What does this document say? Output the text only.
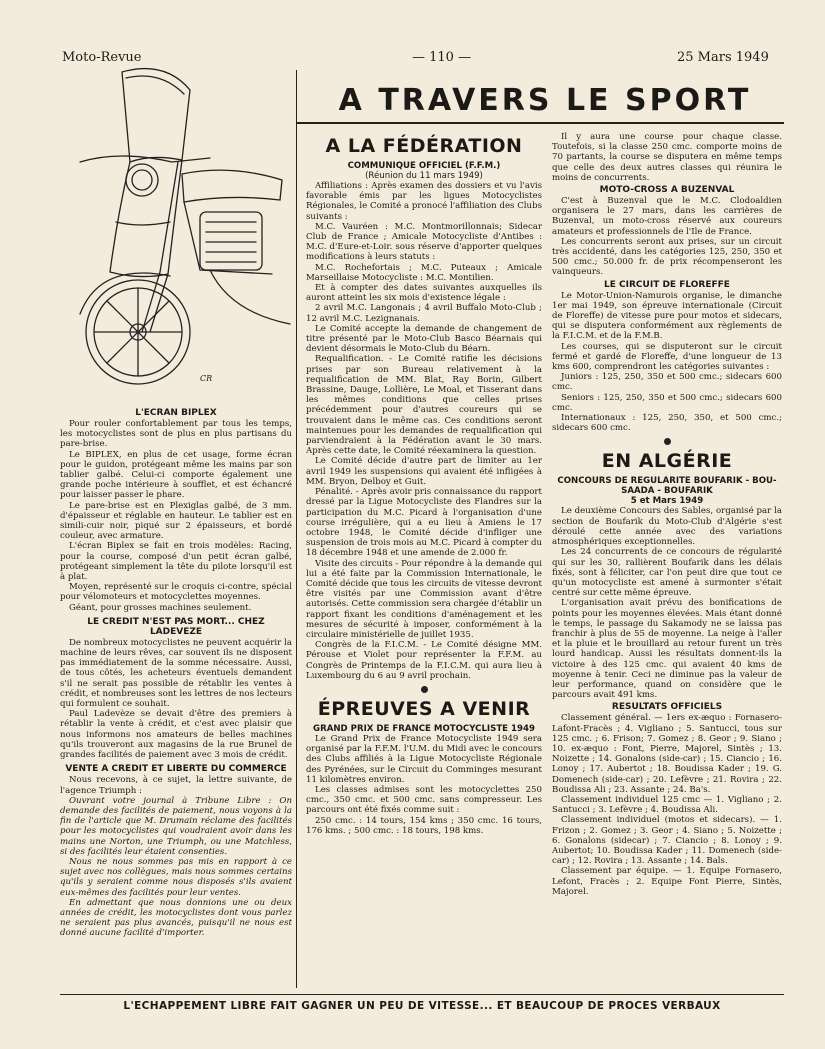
Moto-Revue	— 110 —	25 Mars 1949
A TRAVERS LE SPORT
CR
L'ECRAN BIPLEX

Pour rouler confortablement par tous les temps, les motocyclistes sont de plus en plus partisans du pare-brise.

Le BIPLEX, en plus de cet usage, forme écran pour le guidon, protégeant même les mains par son tablier galbé. Celui-ci comporte également une grande poche intérieure à soufflet, et est échancré pour laisser passer le phare.

Le pare-brise est en Plexiglas galbé, de 3 mm. d'épaisseur et réglable en hauteur. Le tablier est en simili-cuir noir, piqué sur 2 épaisseurs, et bordé couleur, avec armature.

L'écran Biplex se fait en trois modèles: Racing, pour la course, composé d'un petit écran galbé, protégeant simplement la tête du pilote lorsqu'il est à plat.

Moyen, représenté sur le croquis ci-contre, spécial pour vélomoteurs et motocyclettes moyennes.

Géant, pour grosses machines seulement.

LE CREDIT N'EST PAS MORT... CHEZ LADEVEZE

De nombreux motocyclistes ne peuvent acquérir la machine de leurs rêves, car souvent ils ne disposent pas immédiatement de la somme nécessaire. Aussi, de tous côtés, les acheteurs éventuels demandent s'il ne serait pas possible de rétablir les ventes à crédit, et nombreuses sont les lettres de nos lecteurs qui formulent ce souhait.

Paul Ladevèze se devait d'être des premiers à rétablir la vente à crédit, et c'est avec plaisir que nous informons nos amateurs de belles machines qu'ils trouveront aux magasins de la rue Brunel de grandes facilités de paiement avec 3 mois de crédit.

VENTE A CREDIT ET LIBERTE DU COMMERCE

Nous recevons, à ce sujet, la lettre suivante, de l'agence Triumph :

Ouvrant votre journal à Tribune Libre : On demande des facilités de paiement, nous voyons à la fin de l'article que M. Drumain réclame des facilités pour les motocyclistes qui voudraient avoir dans les mains une Norton, une Triumph, ou une Matchless, si des facilités leur étaient consenties.

Nous ne nous sommes pas mis en rapport à ce sujet avec nos collègues, mais nous sommes certains qu'ils y seraient comme nous disposés s'ils avaient eux-mêmes des facilités pour leur ventes.

En admettant que nous donnions une ou deux années de crédit, les motocyclistes dont vous parlez ne seraient pas plus avancés, puisqu'il ne nous est donné aucune facilité d'importer.

A LA FÉDÉRATION
COMMUNIQUE OFFICIEL (F.F.M.)
(Réunion du 11 mars 1949)

Affiliations : Après examen des dossiers et vu l'avis favorable émis par les ligues Motocyclistes Régionales, le Comité a pronocé l'affiliation des Clubs suivants :

M.C. Vauréen : M.C. Montmorillonnais; Sidecar Club de France ; Amicale Motocycliste d'Antibes : M.C. d'Eure-et-Loir. sous réserve d'apporter quelques modifications à leurs statuts :

M.C. Rochefortais ; M.C. Puteaux ; Amicale Marseillaise Motocycliste : M.C. Montilien.

Et à compter des dates suivantes auxquelles ils auront atteint les six mois d'existence légale :

2 avril M.C. Langonais ; 4 avril Buffalo Moto-Club ; 12 avril M.C. Lezignanais.

Le Comité accepte la demande de changement de titre présenté par le Moto-Club Basco Béarnais qui devient désormais le Moto-Club du Béarn.

Requalification. - Le Comité ratifie les décisions prises par son Bureau relativement à la requalification de MM. Blat, Ray Borin, Gilbert Brassine, Dauge, Lollière, Le Moal, et Tisserant dans les mêmes conditions que celles prises précédemment pour d'autres coureurs qui se trouvaient dans le même cas. Ces conditions seront maintenues pour les demandes de requalification qui parviendraient à la Fédération avant le 30 mars. Après cette date, le Comité réexaminera la question.

Le Comité décide d'autre part de limiter au 1er avril 1949 les suspensions qui avaient été infligées à MM. Bryon, Delboy et Guit.

Pénalité. - Après avoir pris connaissance du rapport dressé par la Ligue Motocycliste des Flandres sur la participation du M.C. Picard à l'organisation d'une course irrégulière, qui a eu lieu à Amiens le 17 octobre 1948, le Comité décide d'infliger une suspension de trois mois au M.C. Picard à compter du 18 décembre 1948 et une amende de 2.000 fr.

Visite des circuits - Pour répondre à la demande qui lui a été faite par la Commission Internationale, le Comité décide que tous les circuits de vitesse devront être visités par une Commission avant d'être autorisés. Cette commission sera chargée d'établir un rapport fixant les conditions d'aménagement et les mesures de sécurité à imposer, conformément à la circulaire ministérielle de juillet 1935.

Congrès de la F.I.C.M. - Le Comité désigne MM. Pérouse et Violet pour représenter la F.F.M. au Congrès de Printemps de la F.I.C.M. qui aura lieu à Luxembourg du 6 au 9 avril prochain.

ÉPREUVES A VENIR
GRAND PRIX DE FRANCE MOTOCYCLISTE 1949

Le Grand Prix de France Motocycliste 1949 sera organisé par la F.F.M. l'U.M. du Midi avec le concours des Clubs affiliés à la Ligue Motocycliste Régionale des Pyrénées, sur le Circuit du Comminges mesurant 11 kilomètres environ.

Les classes admises sont les motocyclettes 250 cmc., 350 cmc. et 500 cmc. sans compresseur. Les parcours ont été fixés comme suit :

250 cmc. : 14 tours, 154 kms ; 350 cmc. 16 tours, 176 kms. ; 500 cmc. : 18 tours, 198 kms.

Il y aura une course pour chaque classe. Toutefois, si la classe 250 cmc. comporte moins de 70 partants, la course se disputera en même temps que celle des deux autres classes qui réunira le moins de concurrents.

MOTO-CROSS A BUZENVAL

C'est à Buzenval que le M.C. Clodoaldien organisera le 27 mars, dans les carrières de Buzenval, un moto-cross réservé aux coureurs amateurs et professionnels de l'Ile de France.

Les concurrents seront aux prises, sur un circuit très accidenté, dans les catégories 125, 250, 350 et 500 cmc.; 50.000 fr. de prix récompenseront les vainqueurs.

LE CIRCUIT DE FLOREFFE

Le Motor-Union-Namurois organise, le dimanche 1er mai 1949, son épreuve internationale (Circuit de Floreffe) de vitesse pure pour motos et sidecars, qui se disputera conformément aux règlements de la F.I.C.M. et de la F.M.B.

Les courses, qui se disputeront sur le circuit fermé et gardé de Floreffe, d'une longueur de 13 kms 600, comprendront les catégories suivantes :

Juniors : 125, 250, 350 et 500 cmc.; sidecars 600 cmc.

Seniors : 125, 250, 350 et 500 cmc.; sidecars 600 cmc.

Internationaux : 125, 250, 350, et 500 cmc.; sidecars 600 cmc.

EN ALGÉRIE
CONCOURS DE REGULARITE BOUFARIK - BOU-SAADA - BOUFARIK
5 et Mars 1949

Le deuxième Concours des Sables, organisé par la section de Boufarik du Moto-Club d'Algérie s'est déroulé cette année avec des variations atmosphériques exceptionnelles.

Les 24 concurrents de ce concours de régularité qui sur les 30, rallièrent Boufarik dans les délais fixés, sont à féliciter, car l'on peut dire que tout ce qu'un motocycliste est amené à surmonter s'était centré sur cette même épreuve.

L'organisation avait prévu des bonifications de points pour les moyennes élevées. Mais étant donné le temps, le passage du Sakamody ne se laissa pas franchir à plus de 55 de moyenne. La neige à l'aller et la pluie et le brouillard au retour furent un très lourd handicap. Aussi les résultats donnent-ils la victoire à des 125 cmc. qui avaient 40 kms de moyenne à tenir. Ceci ne diminue pas la valeur de leur performance, quand on considère que le parcours avait 491 kms.

RESULTATS OFFICIELS

Classement général. — 1ers ex-æquo : Fornasero-Lafont-Fracès ; 4. Vigliano ; 5. Santucci, tous sur 125 cmc. ; 6. Frison; 7. Gomez ; 8. Geor ; 9. Siano ; 10. ex-æquo : Font, Pierre, Majorel, Sintès ; 13. Noizette ; 14. Gonalons (side-car) ; 15. Ciancio ; 16. Lonoy ; 17. Aubertot ; 18. Boudissa Kader ; 19. G. Domenech (side-car) ; 20. Lefèvre ; 21. Rovira ; 22. Boudissa Ali ; 23. Assante ; 24. Ba's.

Classement individuel 125 cmc — 1. Vigliano ; 2. Santucci ; 3. Lefèvre ; 4. Boudissa Ali.

Classement individuel (motos et sidecars). — 1. Frizon ; 2. Gomez ; 3. Geor ; 4. Siano ; 5. Noizette ; 6. Gonalons (sidecar) ; 7. Ciancio ; 8. Lonoy ; 9. Aubertot; 10. Boudissa Kader ; 11. Domenech (side-car) ; 12. Rovira ; 13. Assante ; 14. Bals.

Classement par équipe. — 1. Equipe Fornasero, Lefont, Fracès ; 2. Equipe Font Pierre, Sintès, Majorel.

L'ECHAPPEMENT LIBRE FAIT GAGNER UN PEU DE VITESSE... ET BEAUCOUP DE PROCES VERBAUX
